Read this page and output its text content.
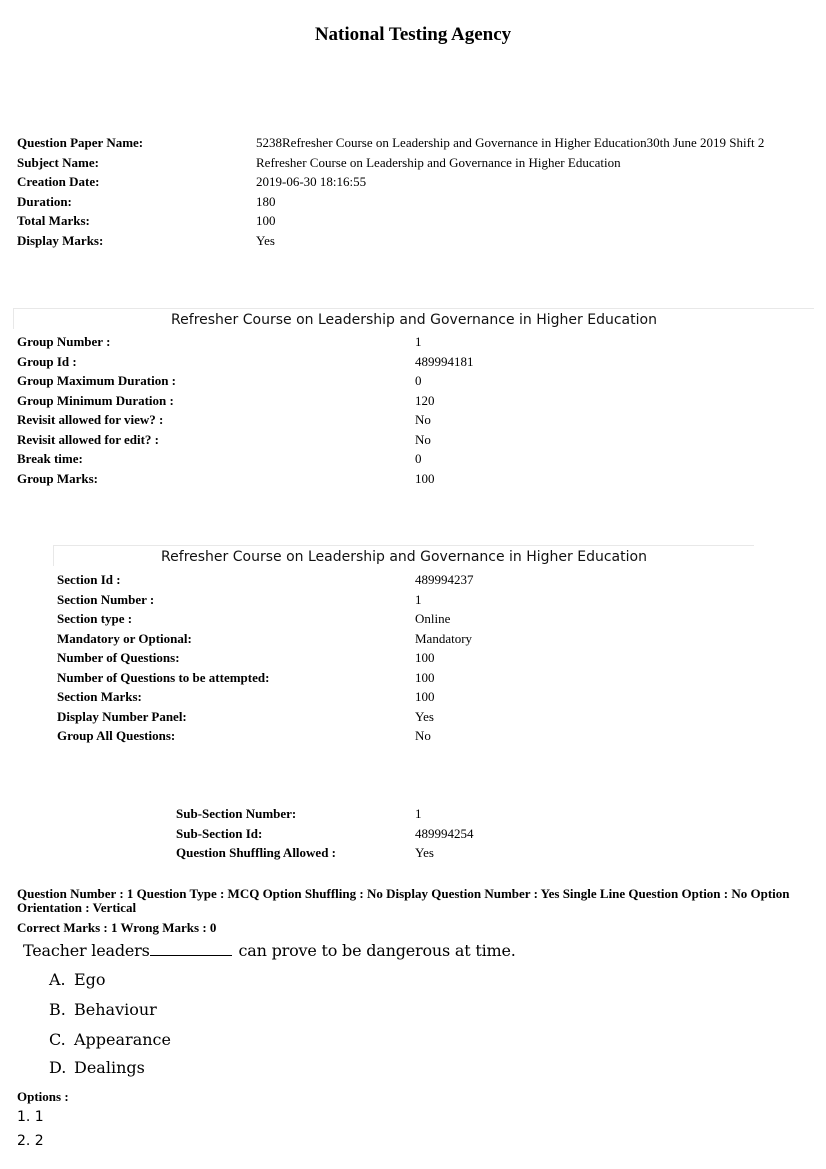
National Testing Agency
Question Paper Name:	5238Refresher Course on Leadership and Governance in Higher Education30th June 2019 Shift 2
Subject Name:	Refresher Course on Leadership and Governance in Higher Education
Creation Date:	2019-06-30 18:16:55
Duration:	180
Total Marks:	100
Display Marks:	Yes
Refresher Course on Leadership and Governance in Higher Education
Group Number :	1
Group Id :	489994181
Group Maximum Duration :	0
Group Minimum Duration :	120
Revisit allowed for view? :	No
Revisit allowed for edit? :	No
Break time:	0
Group Marks:	100
Refresher Course on Leadership and Governance in Higher Education
Section Id :	489994237
Section Number :	1
Section type :	Online
Mandatory or Optional:	Mandatory
Number of Questions:	100
Number of Questions to be attempted:	100
Section Marks:	100
Display Number Panel:	Yes
Group All Questions:	No
Sub-Section Number:	1
Sub-Section Id:	489994254
Question Shuffling Allowed :	Yes
Question Number : 1 Question Type : MCQ Option Shuffling : No Display Question Number : Yes Single Line Question Option : No Option Orientation : Vertical
Correct Marks : 1 Wrong Marks : 0
Teacher leaders	can prove to be dangerous at time.
A. Ego
B. Behaviour
C. Appearance
D. Dealings
Options :
1. 1
2. 2
